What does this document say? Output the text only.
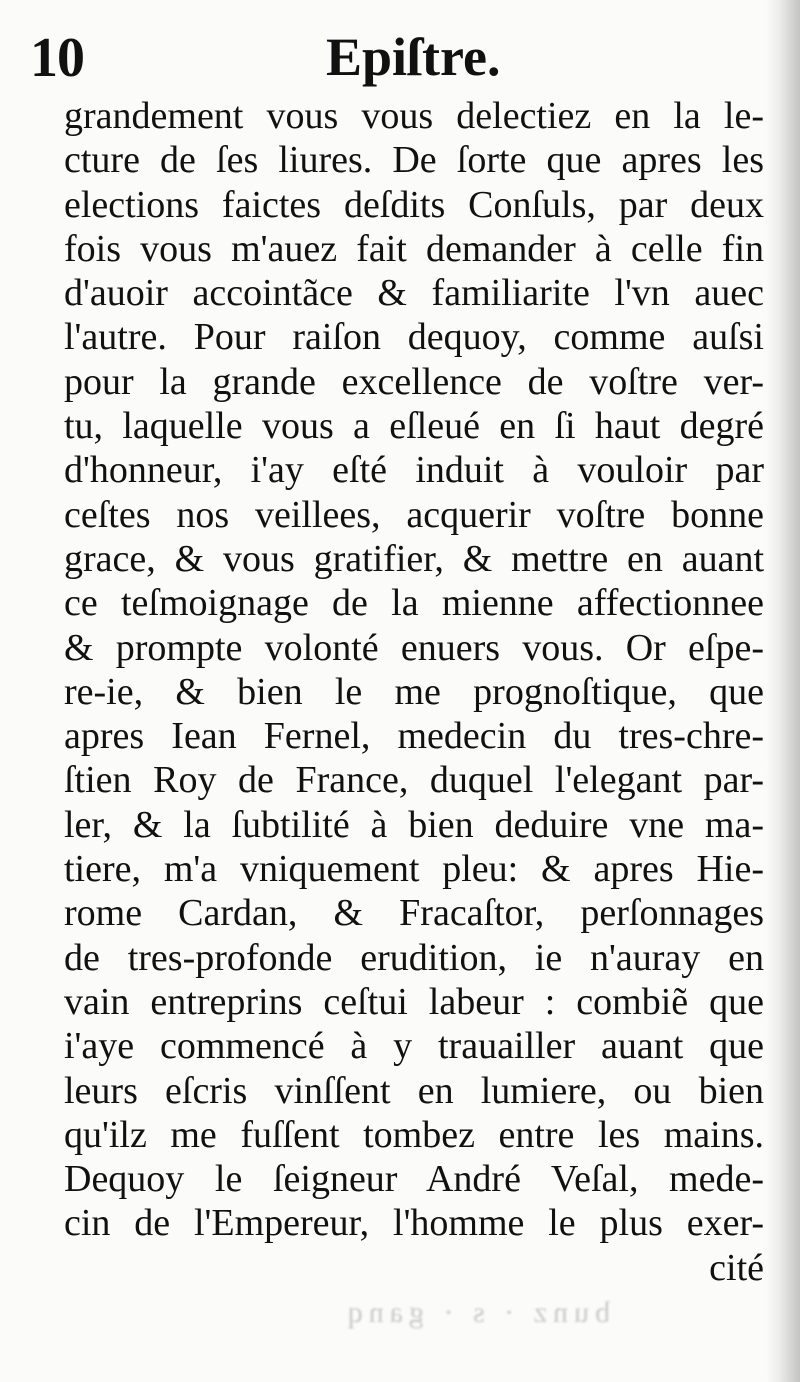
10	Epiſtre.
grandement vous vous delectiez en la le-
cture de ſes liures. De ſorte que apres les
elections faictes deſdits Conſuls, par deux
fois vous m'auez fait demander à celle fin
d'auoir accointãce & familiarite l'vn auec
l'autre. Pour raiſon dequoy, comme auſsi
pour la grande excellence de voſtre ver-
tu, laquelle vous a eſleué en ſi haut degré
d'honneur, i'ay eſté induit à vouloir par
ceſtes nos veillees, acquerir voſtre bonne
grace, & vous gratifier, & mettre en auant
ce teſmoignage de la mienne affectionnee
& prompte volonté enuers vous. Or eſpe-
re-ie, & bien le me prognoſtique, que
apres Iean Fernel, medecin du tres-chre-
ſtien Roy de France, duquel l'elegant par-
ler, & la ſubtilité à bien deduire vne ma-
tiere, m'a vniquement pleu: & apres Hie-
rome Cardan, & Fracaſtor, perſonnages
de tres-profonde erudition, ie n'auray en
vain entreprins ceſtui labeur : combiẽ que
i'aye commencé à y trauailler auant que
leurs eſcris vinſſent en lumiere, ou bien
qu'ilz me fuſſent tombez entre les mains.
Dequoy le ſeigneur André Veſal, mede-
cin de l'Empereur, l'homme le plus exer-
cité
bunz · s · ganq
